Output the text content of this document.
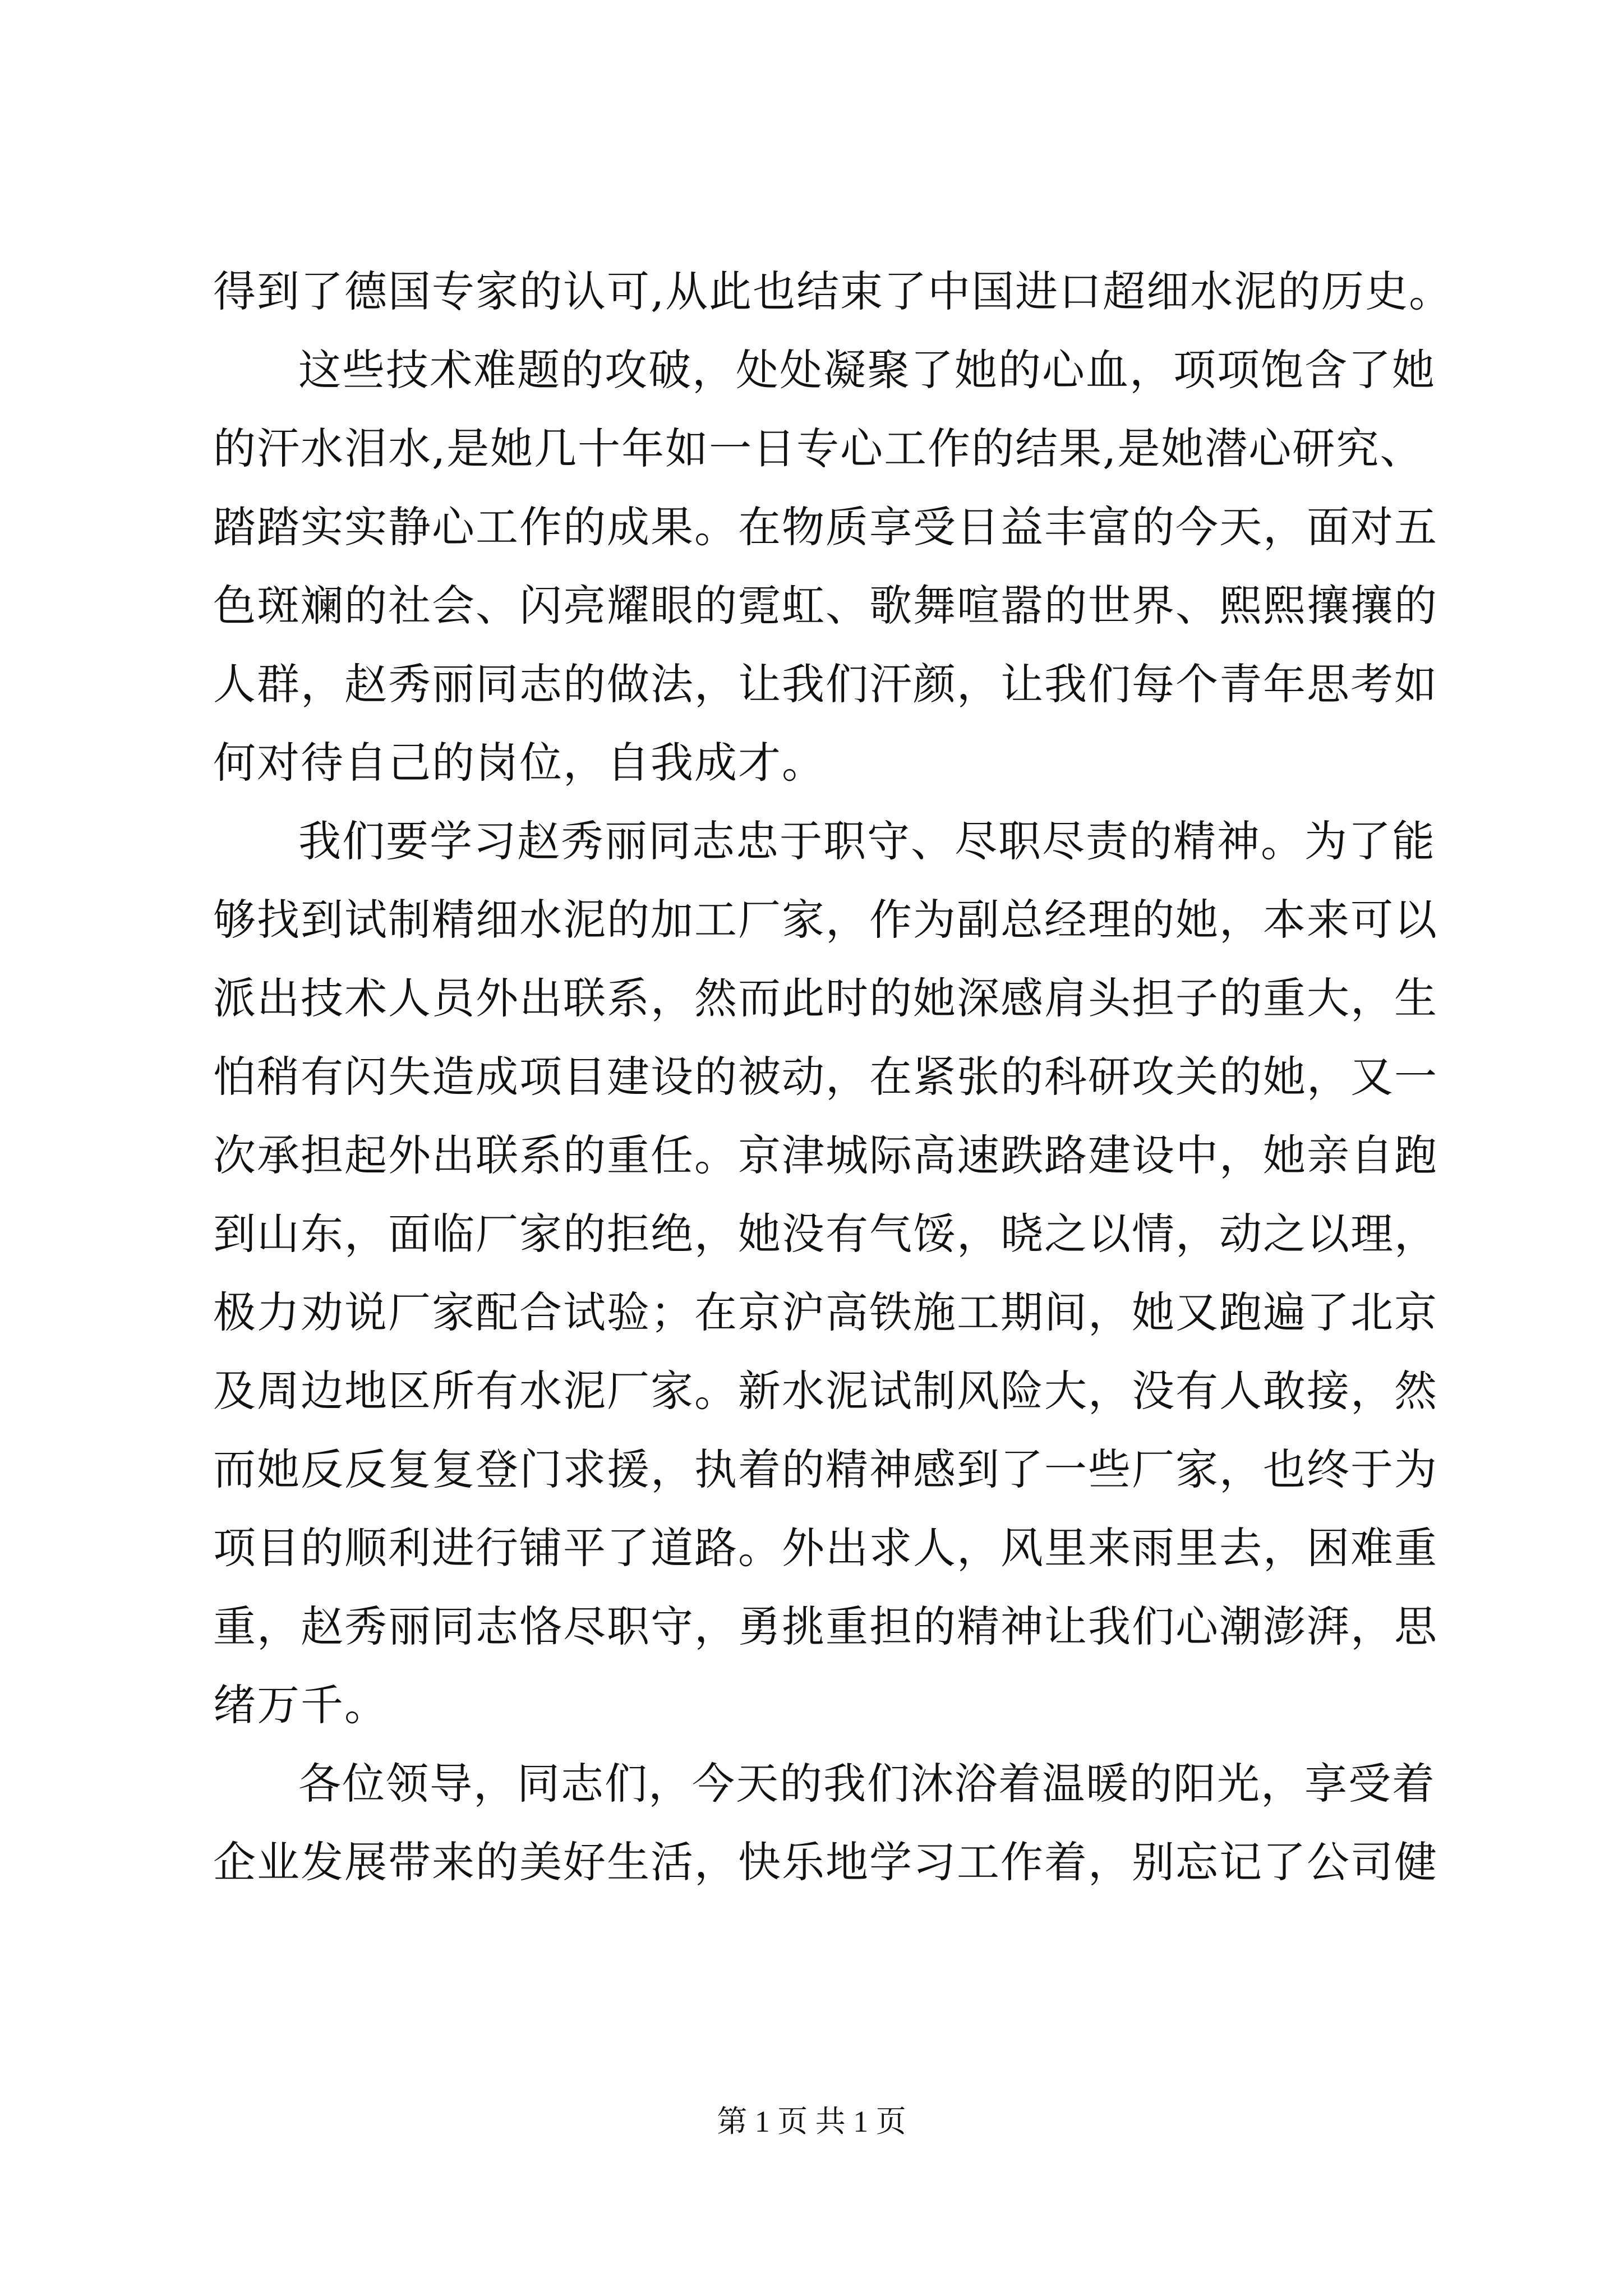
得到了德国专家的认可,从此也结束了中国进口超细水泥的历史。
这些技术难题的攻破，处处凝聚了她的心血，项项饱含了她
的汗水泪水,是她几十年如一日专心工作的结果,是她潜心研究、
踏踏实实静心工作的成果。在物质享受日益丰富的今天，面对五
色斑斓的社会、闪亮耀眼的霓虹、歌舞喧嚣的世界、熙熙攘攘的
人群，赵秀丽同志的做法，让我们汗颜，让我们每个青年思考如
何对待自己的岗位，自我成才。
我们要学习赵秀丽同志忠于职守、尽职尽责的精神。为了能
够找到试制精细水泥的加工厂家，作为副总经理的她，本来可以
派出技术人员外出联系，然而此时的她深感肩头担子的重大，生
怕稍有闪失造成项目建设的被动，在紧张的科研攻关的她，又一
次承担起外出联系的重任。京津城际高速跌路建设中，她亲自跑
到山东，面临厂家的拒绝，她没有气馁，晓之以情，动之以理，
极力劝说厂家配合试验；在京沪高铁施工期间，她又跑遍了北京
及周边地区所有水泥厂家。新水泥试制风险大，没有人敢接，然
而她反反复复登门求援，执着的精神感到了一些厂家，也终于为
项目的顺利进行铺平了道路。外出求人，风里来雨里去，困难重
重，赵秀丽同志恪尽职守，勇挑重担的精神让我们心潮澎湃，思
绪万千。
各位领导，同志们，今天的我们沐浴着温暖的阳光，享受着
企业发展带来的美好生活，快乐地学习工作着，别忘记了公司健
第 1 页 共 1 页
